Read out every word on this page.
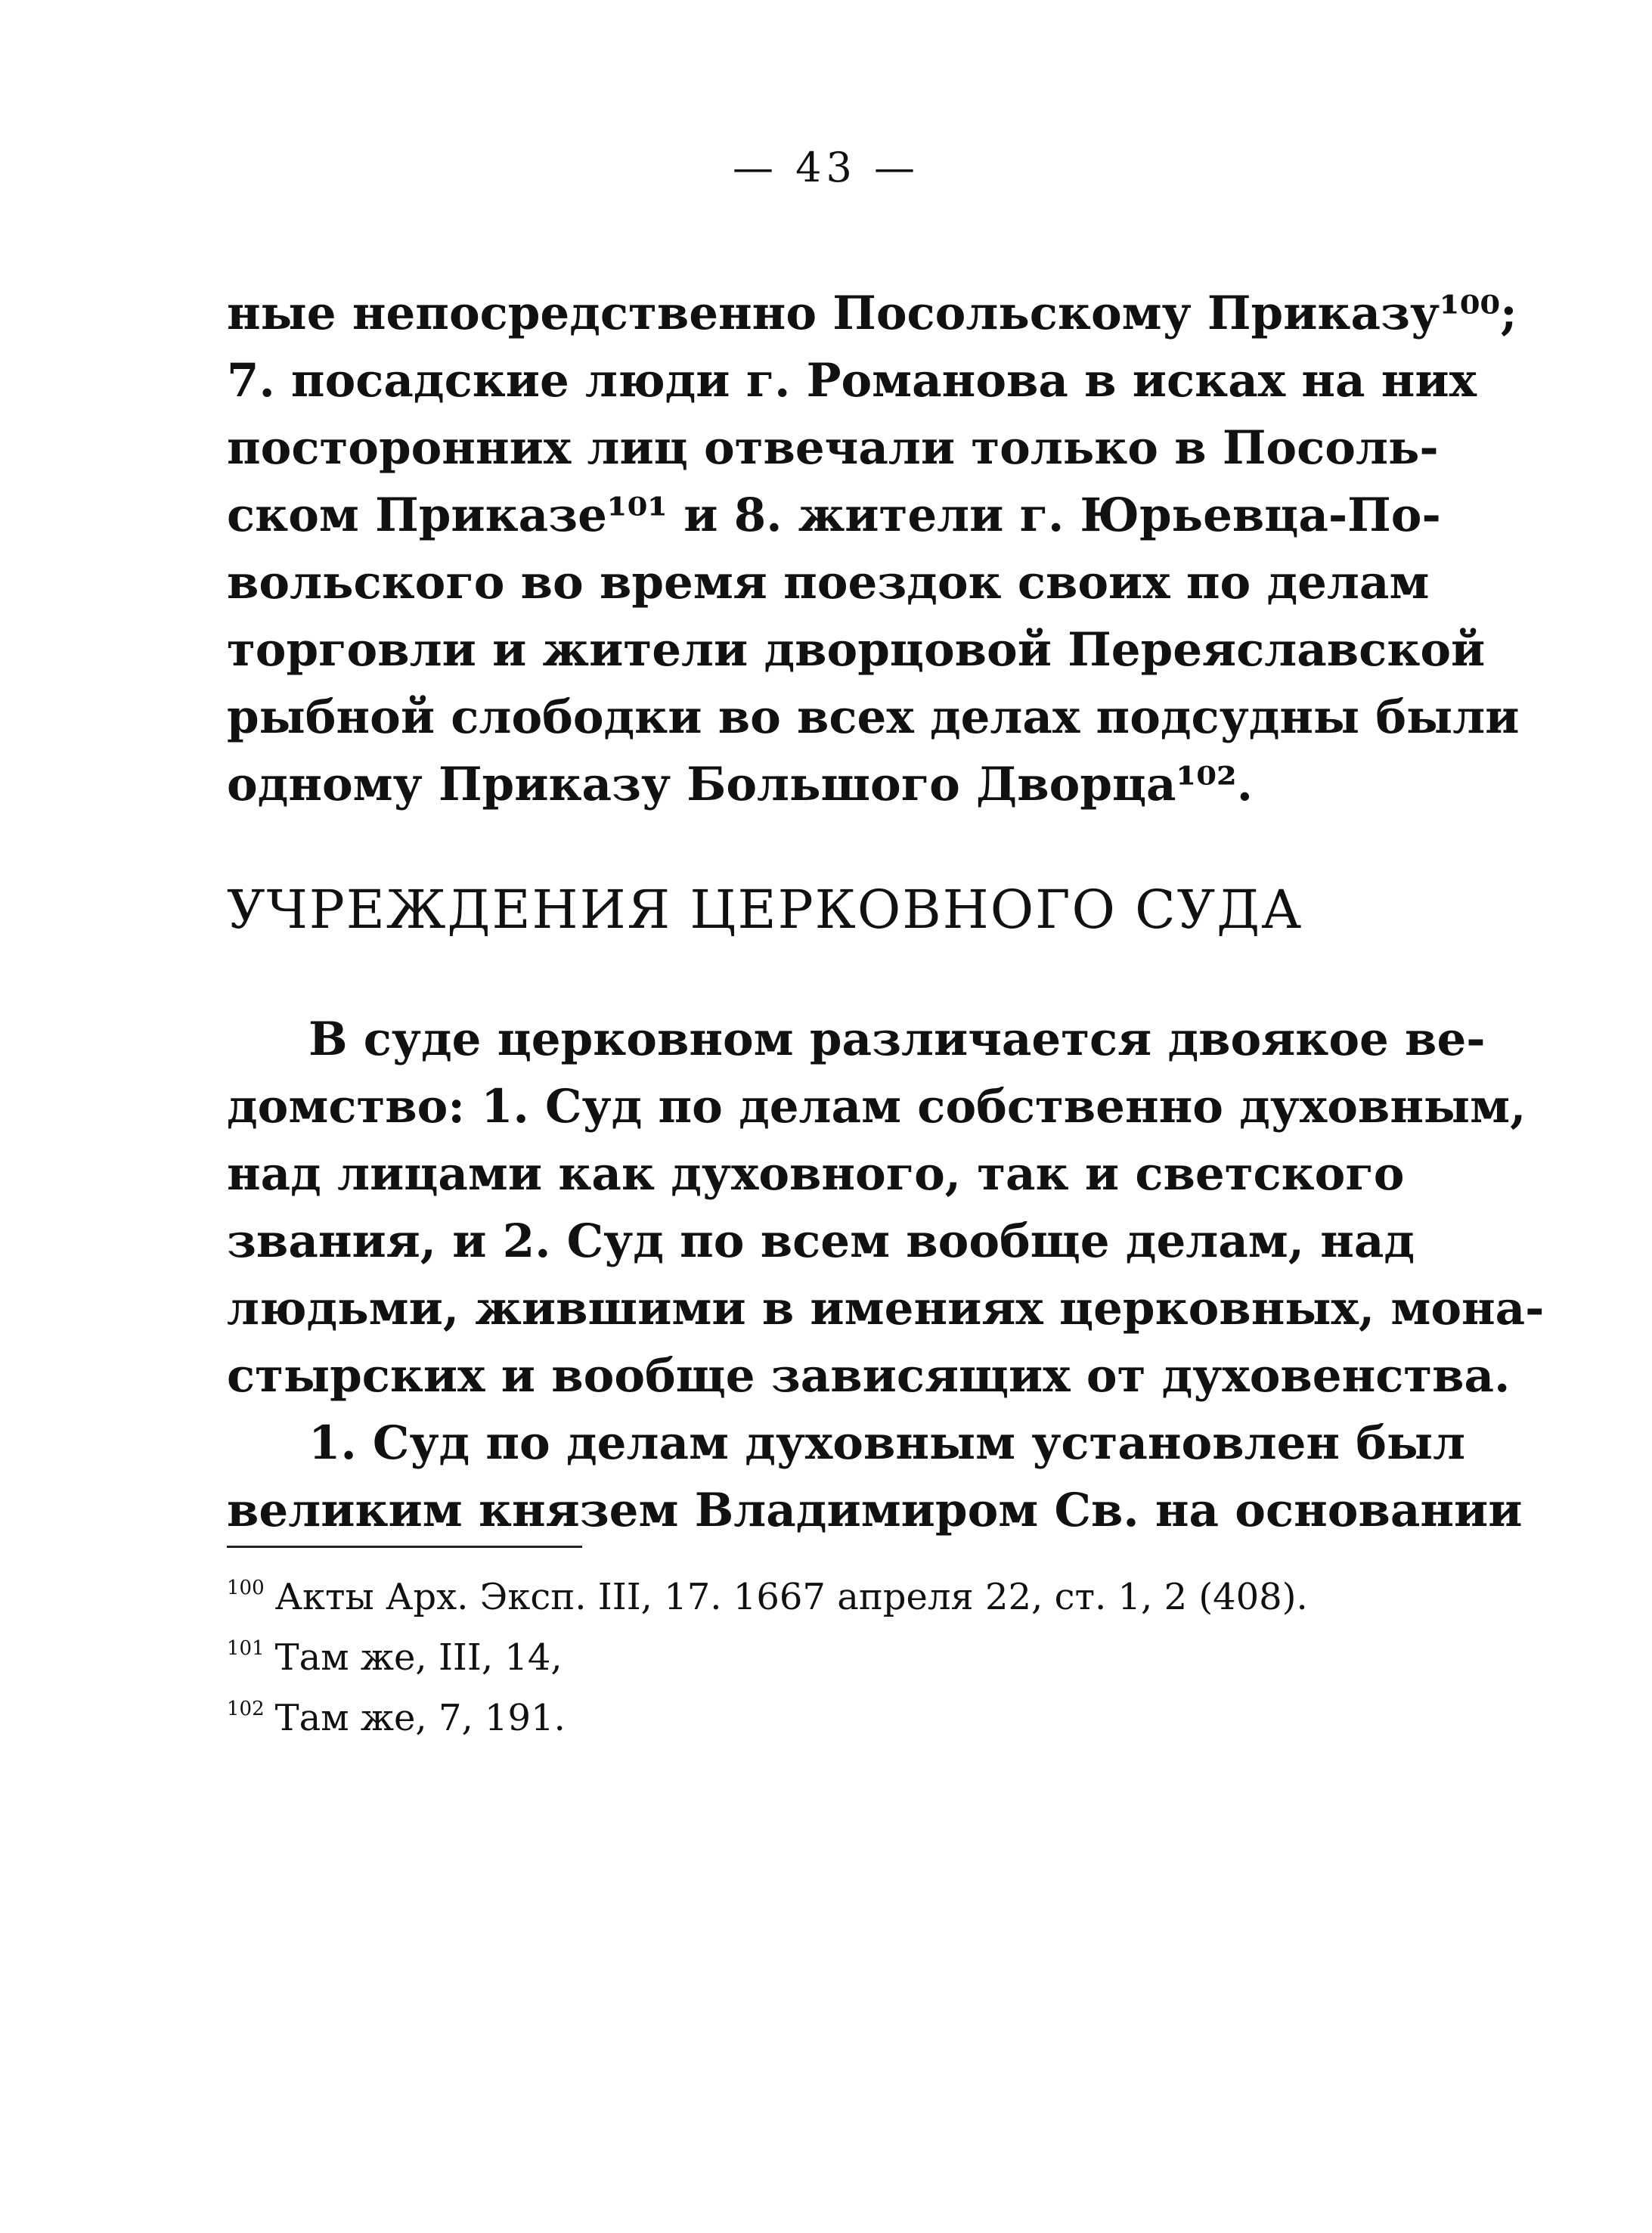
— 43 —
ные непосредственно Посольскому Приказу¹⁰⁰;
7. посадские люди г. Романова в исках на них
посторонних лиц отвечали только в Посоль-
ском Приказе¹⁰¹ и 8. жители г. Юрьевца-По-
вольского во время поездок своих по делам
торговли и жители дворцовой Переяславской
рыбной слободки во всех делах подсудны были
одному Приказу Большого Дворца¹⁰².
УЧРЕЖДЕНИЯ ЦЕРКОВНОГО СУДА
В суде церковном различается двоякое ве-
домство: 1. Суд по делам собственно духовным,
над лицами как духовного, так и светского
звания, и 2. Суд по всем вообще делам, над
людьми, жившими в имениях церковных, мона-
стырских и вообще зависящих от духовенства.
1. Суд по делам духовным установлен был
великим князем Владимиром Св. на основании
$^{100}$ Акты Арх. Эксп. III, 17. 1667 апреля 22, ст. 1, 2 (408).
$^{101}$ Там же, III, 14,
$^{102}$ Там же, 7, 191.
